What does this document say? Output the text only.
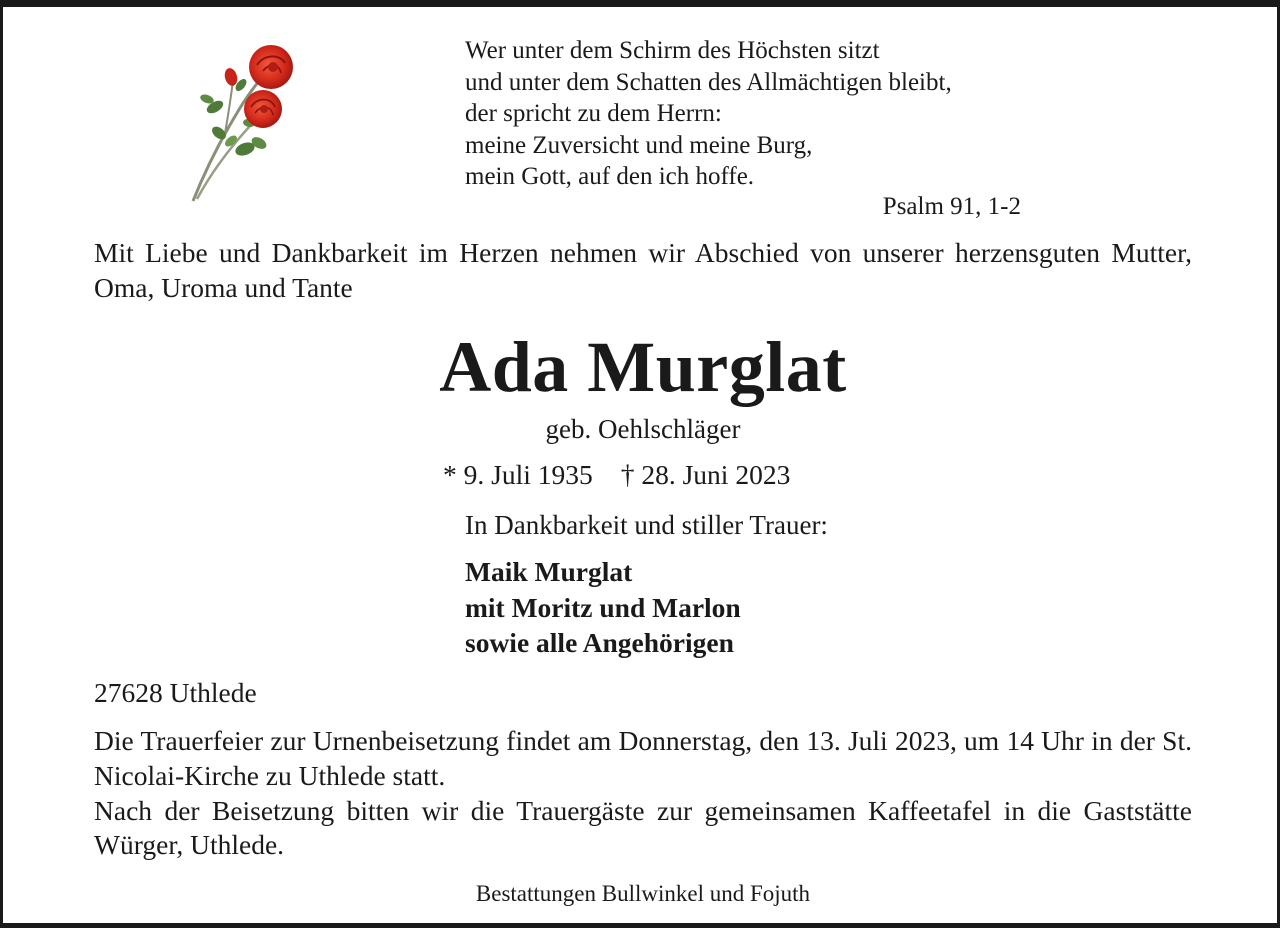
Wer unter dem Schirm des Höchsten sitzt
und unter dem Schatten des Allmächtigen bleibt,
der spricht zu dem Herrn:
meine Zuversicht und meine Burg,
mein Gott, auf den ich hoffe.
Psalm 91, 1-2
Mit Liebe und Dankbarkeit im Herzen nehmen wir Abschied von unserer herzensguten Mutter, Oma, Uroma und Tante
Ada Murglat
geb. Oehlschläger
* 9. Juli 1935 † 28. Juni 2023
In Dankbarkeit und stiller Trauer:
Maik Murglat
mit Moritz und Marlon
sowie alle Angehörigen
27628 Uthlede

Die Trauerfeier zur Urnenbeisetzung findet am Donnerstag, den 13. Juli 2023, um 14 Uhr in der St. Nicolai-Kirche zu Uthlede statt.

Nach der Beisetzung bitten wir die Trauergäste zur gemeinsamen Kaffeetafel in die Gaststätte Würger, Uthlede.

Bestattungen Bullwinkel und Fojuth
